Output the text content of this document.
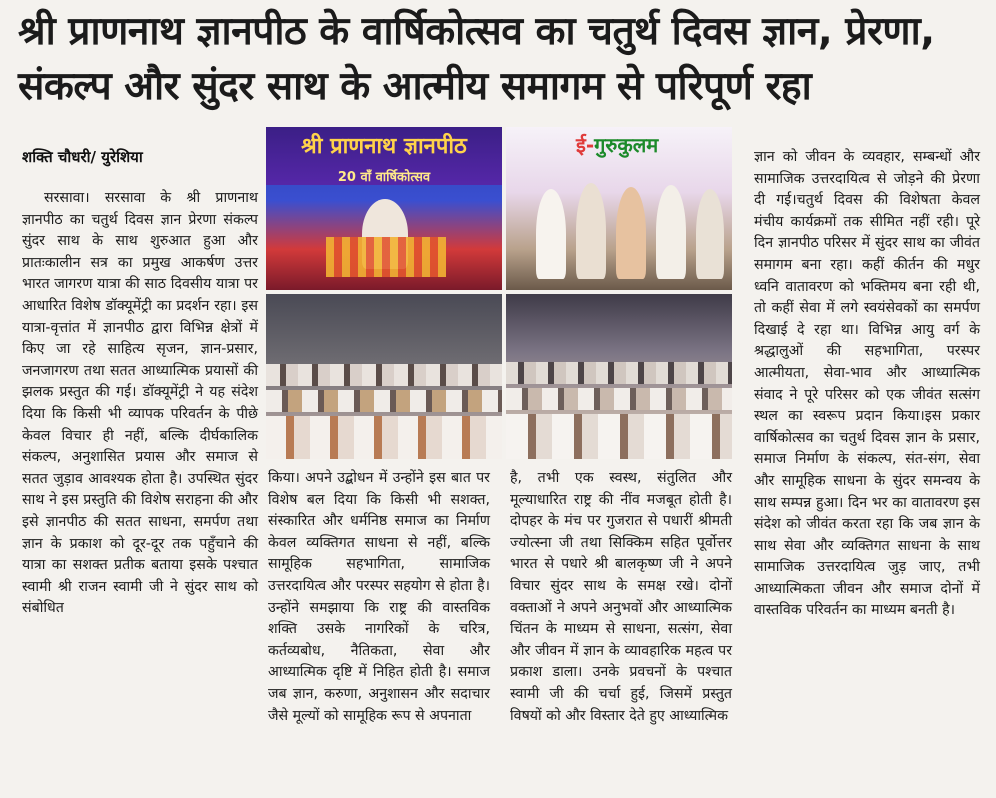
श्री प्राणनाथ ज्ञानपीठ के वार्षिकोत्सव का चतुर्थ दिवस ज्ञान, प्रेरणा,
संकल्प और सुंदर साथ के आत्मीय समागम से परिपूर्ण रहा
शक्ति चौधरी/ युरेशिया
सरसावा। सरसावा के श्री प्राणनाथ ज्ञानपीठ का चतुर्थ दिवस ज्ञान प्रेरणा संकल्प सुंदर साथ के साथ शुरुआत हुआ और प्रातःकालीन सत्र का प्रमुख आकर्षण उत्तर भारत जागरण यात्रा की साठ दिवसीय यात्रा पर आधारित विशेष डॉक्यूमेंट्री का प्रदर्शन रहा। इस यात्रा-वृत्तांत में ज्ञानपीठ द्वारा विभिन्न क्षेत्रों में किए जा रहे साहित्य सृजन, ज्ञान-प्रसार, जनजागरण तथा सतत आध्यात्मिक प्रयासों की झलक प्रस्तुत की गई। डॉक्यूमेंट्री ने यह संदेश दिया कि किसी भी व्यापक परिवर्तन के पीछे केवल विचार ही नहीं, बल्कि दीर्घकालिक संकल्प, अनुशासित प्रयास और समाज से सतत जुड़ाव आवश्यक होता है। उपस्थित सुंदर साथ ने इस प्रस्तुति की विशेष सराहना की और इसे ज्ञानपीठ की सतत साधना, समर्पण तथा ज्ञान के प्रकाश को दूर-दूर तक पहुँचाने की यात्रा का सशक्त प्रतीक बताया इसके पश्चात स्वामी श्री राजन स्वामी जी ने सुंदर साथ को संबोधित
श्री प्राणनाथ ज्ञानपीठ
20 वाँ वार्षिकोत्सव
ई-गुरुकुलम
किया। अपने उद्बोधन में उन्होंने इस बात पर विशेष बल दिया कि किसी भी सशक्त, संस्कारित और धर्मनिष्ठ समाज का निर्माण केवल व्यक्तिगत साधना से नहीं, बल्कि सामूहिक सहभागिता, सामाजिक उत्तरदायित्व और परस्पर सहयोग से होता है। उन्होंने समझाया कि राष्ट्र की वास्तविक शक्ति उसके नागरिकों के चरित्र, कर्तव्यबोध, नैतिकता, सेवा और आध्यात्मिक दृष्टि में निहित होती है। समाज जब ज्ञान, करुणा, अनुशासन और सदाचार जैसे मूल्यों को सामूहिक रूप से अपनाता
है, तभी एक स्वस्थ, संतुलित और मूल्याधारित राष्ट्र की नींव मजबूत होती है।दोपहर के मंच पर गुजरात से पधारीं श्रीमती ज्योत्स्ना जी तथा सिक्किम सहित पूर्वोत्तर भारत से पधारे श्री बालकृष्ण जी ने अपने विचार सुंदर साथ के समक्ष रखे। दोनों वक्ताओं ने अपने अनुभवों और आध्यात्मिक चिंतन के माध्यम से साधना, सत्संग, सेवा और जीवन में ज्ञान के व्यावहारिक महत्व पर प्रकाश डाला। उनके प्रवचनों के पश्चात स्वामी जी की चर्चा हुई, जिसमें प्रस्तुत विषयों को और विस्तार देते हुए आध्यात्मिक
ज्ञान को जीवन के व्यवहार, सम्बन्धों और सामाजिक उत्तरदायित्व से जोड़ने की प्रेरणा दी गई।चतुर्थ दिवस की विशेषता केवल मंचीय कार्यक्रमों तक सीमित नहीं रही। पूरे दिन ज्ञानपीठ परिसर में सुंदर साथ का जीवंत समागम बना रहा। कहीं कीर्तन की मधुर ध्वनि वातावरण को भक्तिमय बना रही थी, तो कहीं सेवा में लगे स्वयंसेवकों का समर्पण दिखाई दे रहा था। विभिन्न आयु वर्ग के श्रद्धालुओं की सहभागिता, परस्पर आत्मीयता, सेवा-भाव और आध्यात्मिक संवाद ने पूरे परिसर को एक जीवंत सत्संग स्थल का स्वरूप प्रदान किया।इस प्रकार वार्षिकोत्सव का चतुर्थ दिवस ज्ञान के प्रसार, समाज निर्माण के संकल्प, संत-संग, सेवा और सामूहिक साधना के सुंदर समन्वय के साथ सम्पन्न हुआ। दिन भर का वातावरण इस संदेश को जीवंत करता रहा कि जब ज्ञान के साथ सेवा और व्यक्तिगत साधना के साथ सामाजिक उत्तरदायित्व जुड़ जाए, तभी आध्यात्मिकता जीवन और समाज दोनों में वास्तविक परिवर्तन का माध्यम बनती है।
